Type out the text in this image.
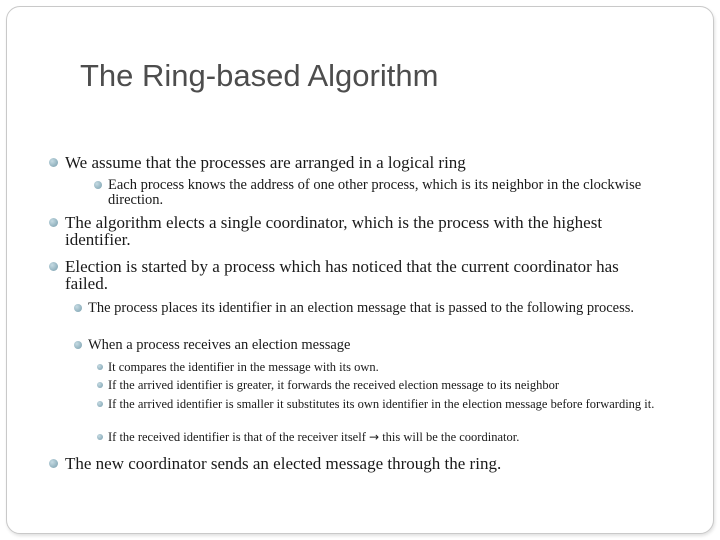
The Ring-based Algorithm
We assume that the processes are arranged in a logical ring
Each process knows the address of one other process, which is its neighbor in the clockwise direction.
The algorithm elects a single coordinator, which is the process with the highest identifier.
Election is started by a process which has noticed that the current coordinator has failed.
The process places its identifier in an election message that is passed to the following process.
When a process receives an election message
It compares the identifier in the message with its own.
If the arrived identifier is greater, it forwards the received election message to its neighbor
If the arrived identifier is smaller it substitutes its own identifier in the election message before forwarding it.
If the received identifier is that of the receiver itself → this will be the coordinator.
The new coordinator sends an elected message through the ring.
